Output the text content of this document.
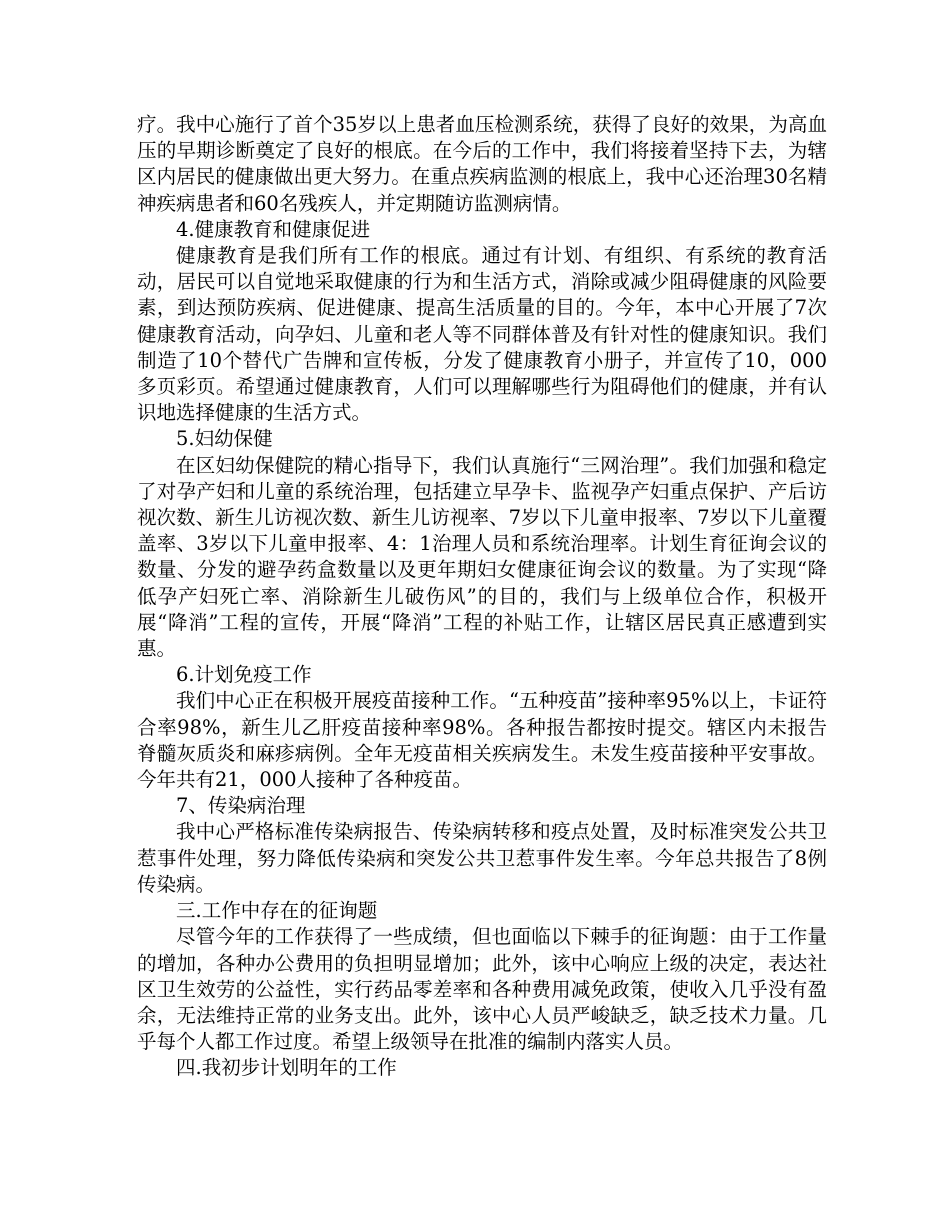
疗。我中心施行了首个35岁以上患者血压检测系统，获得了良好的效果，为高血压的早期诊断奠定了良好的根底。在今后的工作中，我们将接着坚持下去，为辖区内居民的健康做出更大努力。在重点疾病监测的根底上，我中心还治理30名精神疾病患者和60名残疾人，并定期随访监测病情。

4.健康教育和健康促进

健康教育是我们所有工作的根底。通过有计划、有组织、有系统的教育活动，居民可以自觉地采取健康的行为和生活方式，消除或减少阻碍健康的风险要素，到达预防疾病、促进健康、提高生活质量的目的。今年，本中心开展了7次健康教育活动，向孕妇、儿童和老人等不同群体普及有针对性的健康知识。我们制造了10个替代广告牌和宣传板，分发了健康教育小册子，并宣传了10，000多页彩页。希望通过健康教育，人们可以理解哪些行为阻碍他们的健康，并有认识地选择健康的生活方式。

5.妇幼保健

在区妇幼保健院的精心指导下，我们认真施行“三网治理”。我们加强和稳定了对孕产妇和儿童的系统治理，包括建立早孕卡、监视孕产妇重点保护、产后访视次数、新生儿访视次数、新生儿访视率、7岁以下儿童申报率、7岁以下儿童覆盖率、3岁以下儿童申报率、4：1治理人员和系统治理率。计划生育征询会议的数量、分发的避孕药盒数量以及更年期妇女健康征询会议的数量。为了实现“降低孕产妇死亡率、消除新生儿破伤风”的目的，我们与上级单位合作，积极开展“降消”工程的宣传，开展“降消”工程的补贴工作，让辖区居民真正感遭到实惠。

6.计划免疫工作

我们中心正在积极开展疫苗接种工作。“五种疫苗”接种率95%以上，卡证符合率98%，新生儿乙肝疫苗接种率98%。各种报告都按时提交。辖区内未报告脊髓灰质炎和麻疹病例。全年无疫苗相关疾病发生。未发生疫苗接种平安事故。今年共有21，000人接种了各种疫苗。

7、传染病治理

我中心严格标准传染病报告、传染病转移和疫点处置，及时标准突发公共卫惹事件处理，努力降低传染病和突发公共卫惹事件发生率。今年总共报告了8例传染病。

三.工作中存在的征询题

尽管今年的工作获得了一些成绩，但也面临以下棘手的征询题：由于工作量的增加，各种办公费用的负担明显增加；此外，该中心响应上级的决定，表达社区卫生效劳的公益性，实行药品零差率和各种费用减免政策，使收入几乎没有盈余，无法维持正常的业务支出。此外，该中心人员严峻缺乏，缺乏技术力量。几乎每个人都工作过度。希望上级领导在批准的编制内落实人员。

四.我初步计划明年的工作
